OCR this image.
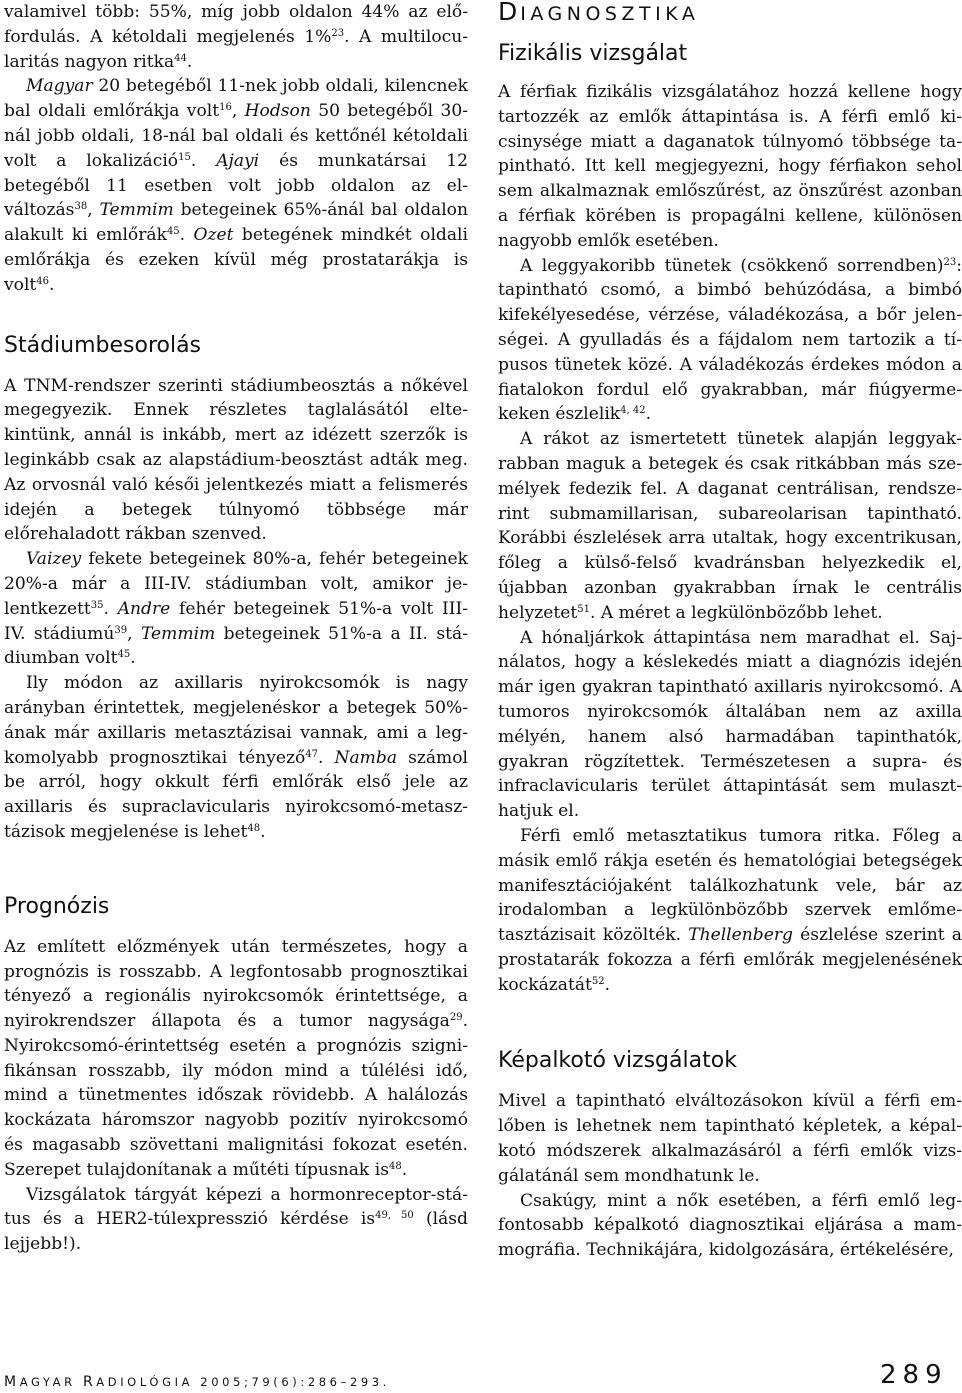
valamivel több: 55%, míg jobb oldalon 44% az előfordulás. A kétoldali megjelenés 1%$^{23}$. A multilocularitás nagyon ritka$^{44}$.

Magyar 20 betegéből 11-nek jobb oldali, kilencnek bal oldali emlőrákja volt$^{16}$, Hodson 50 betegéből 30-nál jobb oldali, 18-nál bal oldali és kettőnél kétoldali volt a lokalizáció$^{15}$. Ajayi és munkatársai 12 betegéből 11 esetben volt jobb oldalon az elváltozás$^{38}$, Temmim betegeinek 65%-ánál bal oldalon alakult ki emlőrák$^{45}$. Ozet betegének mindkét oldali emlőrákja és ezeken kívül még prostatarákja is volt$^{46}$.

Stádiumbesorolás

A TNM-rendszer szerinti stádiumbeosztás a nőkével megegyezik. Ennek részletes taglalásától eltekintünk, annál is inkább, mert az idézett szerzők is leginkább csak az alapstádium-beosztást adták meg. Az orvosnál való késői jelentkezés miatt a felismerés idején a betegek túlnyomó többsége már előrehaladott rákban szenved.

Vaizey fekete betegeinek 80%-a, fehér betegeinek 20%-a már a III-IV. stádiumban volt, amikor jelentkezett$^{35}$. Andre fehér betegeinek 51%-a volt III-IV. stádiumú$^{39}$, Temmim betegeinek 51%-a a II. stádiumban volt$^{45}$.

Ily módon az axillaris nyirokcsomók is nagy arányban érintettek, megjelenéskor a betegek 50%-ának már axillaris metasztázisai vannak, ami a legkomolyabb prognosztikai tényező$^{47}$. Namba számol be arról, hogy okkult férfi emlőrák első jele az axillaris és supraclavicularis nyirokcsomó-metasztázisok megjelenése is lehet$^{48}$.

Prognózis

Az említett előzmények után természetes, hogy a prognózis is rosszabb. A legfontosabb prognosztikai tényező a regionális nyirokcsomók érintettsége, a nyirokrendszer állapota és a tumor nagysága$^{29}$. Nyirokcsomó-érintettség esetén a prognózis szignifikánsan rosszabb, ily módon mind a túlélési idő, mind a tünetmentes időszak rövidebb. A halálozás kockázata háromszor nagyobb pozitív nyirokcsomó és magasabb szövettani malignitási fokozat esetén. Szerepet tulajdonítanak a műtéti típusnak $is^{48}$.

Vizsgálatok tárgyát képezi a hormonreceptor-státus és a HER2-túlexpresszió kérdése is$^{49, 50}$ (lásd lejjebb!).

DIAGNOSZTIKA
Fizikális vizsgálat

A férfiak fizikális vizsgálatához hozzá kellene hogy tartozzék az emlők áttapintása is. A férfi emlő kicsinysége miatt a daganatok túlnyomó többsége tapintható. Itt kell megjegyezni, hogy férfiakon sehol sem alkalmaznak emlőszűrést, az önszűrést azonban a férfiak körében is propagálni kellene, különösen nagyobb emlők esetében.

A leggyakoribb tünetek (csökkenő sorrendben)$^{23}$: tapintható csomó, a bimbó behúzódása, a bimbó kifekélyesedése, vérzése, váladékozása, a bőr jelenségei. A gyulladás és a fájdalom nem tartozik a típusos tünetek közé. A váladékozás érdekes módon a fiatalokon fordul elő gyakrabban, már fiúgyermekeken észlelik$^{4, 42}$.

A rákot az ismertetett tünetek alapján leggyakrabban maguk a betegek és csak ritkábban más személyek fedezik fel. A daganat centrálisan, rendszerint submamillarisan, subareolarisan tapintható. Korábbi észlelések arra utaltak, hogy excentrikusan, főleg a külső-felső kvadránsban helyezkedik el, újabban azonban gyakrabban írnak le centrális helyzetet$^{51}$. A méret a legkülönbözőbb lehet.

A hónaljárkok áttapintása nem maradhat el. Sajnálatos, hogy a késlekedés miatt a diagnózis idején már igen gyakran tapintható axillaris nyirokcsomó. A tumoros nyirokcsomók általában nem az axilla mélyén, hanem alsó harmadában tapinthatók, gyakran rögzítettek. Természetesen a supra- és infraclavicularis terület áttapintását sem mulaszthatjuk el.

Férfi emlő metasztatikus tumora ritka. Főleg a másik emlő rákja esetén és hematológiai betegségek manifesztációjaként találkozhatunk vele, bár az irodalomban a legkülönbözőbb szervek emlőmetasztázisait közölték. Thellenberg észlelése szerint a prostatarák fokozza a férfi emlőrák megjelenésének kockázatát$^{52}$.

Képalkotó vizsgálatok

Mivel a tapintható elváltozásokon kívül a férfi emlőben is lehetnek nem tapintható képletek, a képalkotó módszerek alkalmazásáról a férfi emlők vizsgálatánál sem mondhatunk le.

Csakúgy, mint a nők esetében, a férfi emlő legfontosabb képalkotó diagnosztikai eljárása a mammográfia. Technikájára, kidolgozására, értékelésére,

MAGYAR RADIOLÓGIA 2005;79(6):286–293.	289
